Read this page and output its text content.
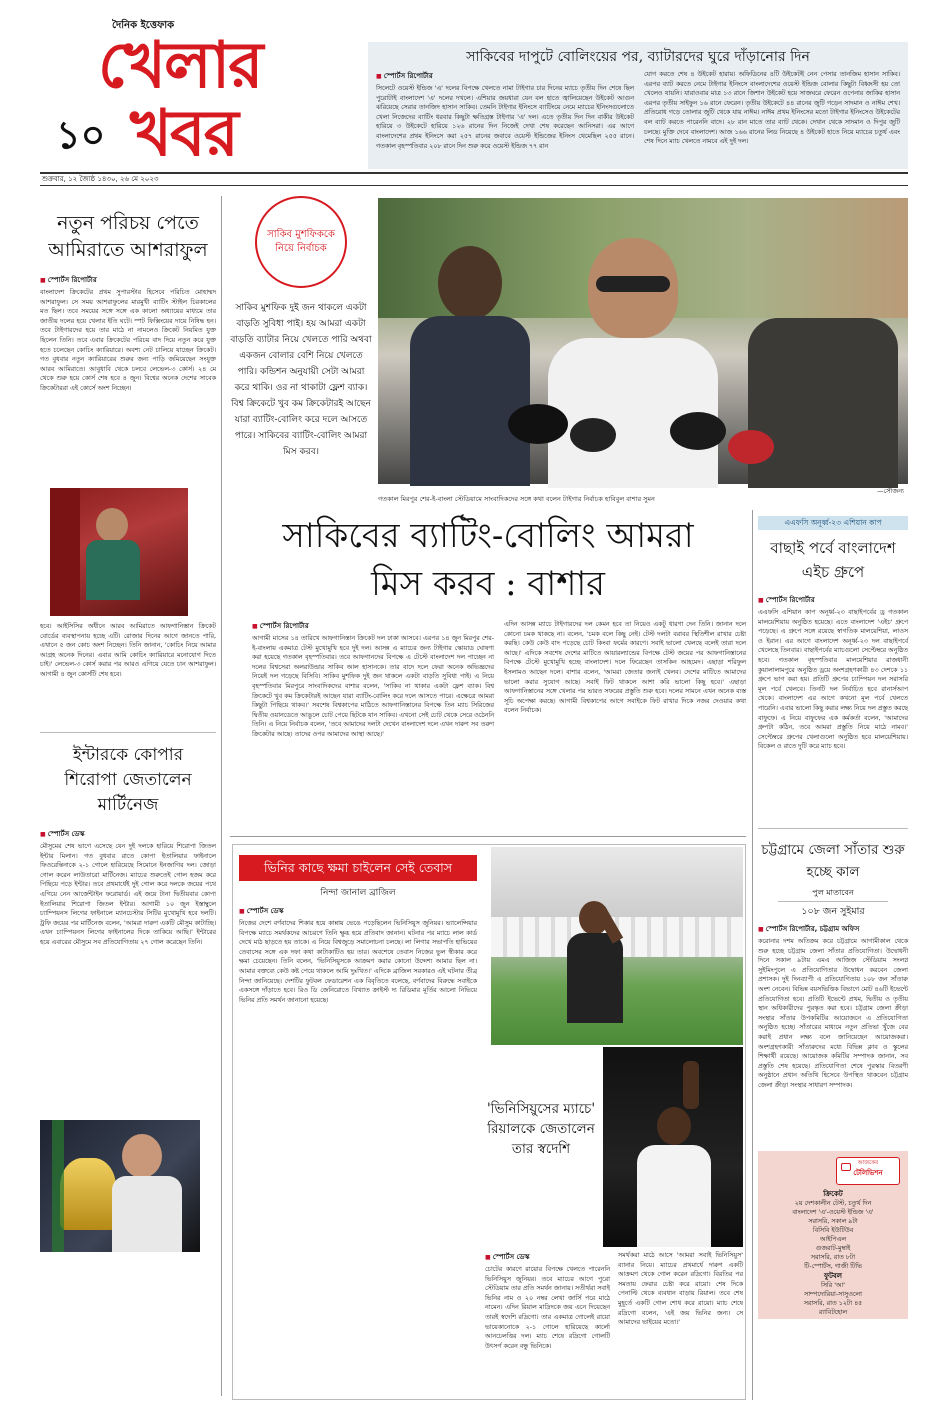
দৈনিক ইত্তেফাক
খেলার
১০ খবর
সাকিবের দাপুটে বোলিংয়ের পর, ব্যাটারদের ঘুরে দাঁড়ানোর দিন
■ স্পোর্টস রিপোর্টার
সিলেটে ওয়েস্ট ইন্ডিজ 'এ' দলের বিপক্ষে খেলতে নামা টাইগার চার দিনের ম্যাচে তৃতীয় দিন শেষে ছিল পুরোটাই বাংলাদেশ 'এ' দলের দখলে। এশিয়ার জয়ধারা যেন বল হাতে জ্বালিয়েছেন উইকেট আগুন ঝরিয়েছে সেরার তানজিদ হাসান সাকিব। তেমনি টাইগার ইনিংসে ব্যাটিংয়ে নেমে ম্যাচের ইনিংসগুলোতে খেলা নিজেদের ব্যাটিং ধরবার কিছুটা ক্ষতিগ্রস্ত টাইগার 'এ' দল। এতে তৃতীয় দিন দিন বাকীর উইকেট হারিয়ে ৩ উইকেটে হারিয়ে ১২৬ রানের দিন নিজেই দেখা শেষ করেছেন আনিসরা। এর আগে বাংলাদেশের প্রথম ইনিংসে করা ২৫৭ রানের জবাবে ওয়েস্ট ইন্ডিজের ইনিংস থেমেছিল ২৫৫ রানে। গতকাল বৃহস্পতিবার ২০৮ রানে দিন শুরু করে ওয়েস্ট ইন্ডিজ ৭৭ রান
যোগ করতে শেষ ৪ উইকেট হারায়। অফিডিনের ৪টি উইকেটই নেন পেসার তানজিম হাসান সাকিব। এরপর ব্যাট করতে নেমে টাইগার ইনিংসে বাংলাদেশের ওয়েস্ট ইন্ডিজ বোলার কিছুটা বিধ্বংসী হয় তো খেলেও যায়নি। যারাওবার মাত্র ১৩ রানে জিশান উইকেট হয়ে সাজঘরে ফেরেন ওপেনার জাকির হাসান এরপর তৃতীয় সাইফুন ১৬ রানে ফেরেন। তৃতীয় উইকেটে ৪৪ রানের জুটি গড়েন সাদমান ও নাঈম শেখ। প্রতিরোধ গড়ে তোলার জুটি থেকে যায় নাঈম। নাঈম প্রথম ইনিংসের মতো টাইগার ইনিংসেও উইকেটের বল ব্যাট করতে পারেননি বাদে। ২৮ রান মাতে তার ব্যাট থেকে। দেখান থেকে সাদমান ও দিপুর জুটি চলছে। মুক্তি দেবে বাংলাদেশ। আজ ১৬৬ রানের লিড নিয়েছে ৪ উইকেট হাতে নিয়ে ম্যাচের চতুর্থ এবং শেষ দিনে ম্যাচ খেলতে নামবে এই দুই দল।
শুক্রবার, ১২ জ্যৈষ্ঠ ১৪৩০, ২৬ মে ২০২৩
নতুন পরিচয় পেতে আমিরাতে আশরাফুল
■ স্পোর্টস রিপোর্টার
বাংলাদেশ ক্রিকেটের প্রথম সুপারস্টার হিসেবে পরিচিত মোহাম্মদ আশরাফুল। সে সময় আশরাফুলের মারমুখী ব্যাটিং স্টাইল চিরকালের মত ছিল। তবে সময়ের সঙ্গে সঙ্গে এক কালো অধ্যায়ের মাধ্যমে তার জাতীয় দলের হয়ে খেলার ইতি ঘটে। স্পট ফিক্সিংয়ের দায়ে নিষিদ্ধ হন। তবে টাইগারদের হয়ে তার মাঠে না নামলেও ক্রিকেট নিয়মিত যুক্ত ছিলেন তিনি। তবে এবার ক্রিকেটের পরিচয় বাদ দিয়ে নতুন করে যুক্ত হতে চলেছেন কোচিং ক্যারিয়ারে। অবশ্য নেট চালিয়ে যাচ্ছেন ক্রিকেট। গত বুধবার নতুন ক্যারিয়ারের শুরুর জন্য পাড়ি জমিয়েছেন সংযুক্ত আরব আমিরাতে। আবুধাবি থেকে চলবে লেভেল-৩ কোর্স। ২৪ মে থেকে শুরু হয়ে কোর্স শেষ হবে ৪ জুন। বিশ্বের অনেক দেশের সাবেক ক্রিকেটাররা এই কোর্সে অংশ নিচ্ছেন।
হবে। আইসিসির অধীনে আরব আমিরাতে আফগানিস্তান ক্রিকেট বোর্ডের ব্যবস্থাপনায় হচ্ছে এটি। রোজার দিনের আগে জানতে পারি, এখানে ৫ জন কোচ অংশ নিচ্ছেন। তিনি জানান, 'কোচিং নিয়ে আমার আগ্রহ অনেক দিনের। এবার আমি কোচিং ক্যারিয়ারে মনোযোগ দিতে চাই।' লেভেল-৩ কোর্স করার পর আরও এগিয়ে যেতে চান আশরাফুল। আগামী ৪ জুন কোর্সটি শেষ হবে।
ইন্টারকে কোপার শিরোপা জেতালেন মার্টিনেজ
■ স্পোর্টস ডেস্ক
মৌসুমের শেষ ভাগে এসেছে যেন দুই দলকে হারিয়ে শিরোপা জিতল ইন্টার মিলান। গত বুধবার রাতে কোপা ইতালিয়ার ফাইনালে ফিওরেন্তিনাকে ২-১ গোলে হারিয়েছে সিমোনে ইনজাগির দল। জোড়া গোল করেন লাউতারো মার্টিনেজ। ম্যাচের শুরুতেই গোল হজম করে পিছিয়ে পড়ে ইন্টার। তবে প্রথমার্ধেই দুই গোল করে দলকে জয়ের পথে এগিয়ে নেন আর্জেন্টাইন ফরোয়ার্ড। এই জয়ে টানা দ্বিতীয়বার কোপা ইতালিয়ার শিরোপা জিতল ইন্টার। আগামী ১০ জুন ইস্তাম্বুলে চ্যাম্পিয়নস লিগের ফাইনালে ম্যানচেস্টার সিটির মুখোমুখি হবে দলটি। ট্রফি জয়ের পর মার্টিনেজ বলেন, 'আমরা দারুণ একটি মৌসুম কাটাচ্ছি। এখন চ্যাম্পিয়নস লিগের ফাইনালের দিকে তাকিয়ে আছি।' ইন্টারের হয়ে এবারের মৌসুমে সব প্রতিযোগিতায় ২৭ গোল করেছেন তিনি।
সাকিব মুশফিককে নিয়ে নির্বাচক
সাকিব মুশফিক দুই জন থাকলে একটা বাড়তি সুবিধা পাই। হয় আমরা একটা বাড়তি ব্যাটার নিয়ে খেলতে পারি অথবা একজন বোলার বেশি নিয়ে খেলতে পারি। কন্ডিশন অনুযায়ী সেটা আমরা করে থাকি। ওর না থাকাটা ফ্লেশ ব্যাক। বিশ্ব ক্রিকেটে খুব কম ক্রিকেটারই আছেন যারা ব্যাটিং-বোলিং করে দলে আসতে পারে। সাকিবের ব্যাটিং-বোলিং আমরা মিস করব।
গতকাল মিরপুর শের-ই-বাংলা স্টেডিয়ামে সাংবাদিকদের সঙ্গে কথা বলেন টাইগার নির্বাচক হাবিবুল বাশার সুমন
—সৌজন্য
সাকিবের ব্যাটিং-বোলিং আমরা
মিস করব : বাশার
■ স্পোর্টস রিপোর্টার
আগামী মাসের ১৪ তারিখে আফগানিস্তান ক্রিকেট দল ঢাকা আসবে। এরপর ১৪ জুন মিরপুর শের-ই-বাংলায় একমাত্র টেস্ট মুখোমুখি হবে দুই দল। আসন্ন এ ম্যাচের জন্য টাইগার স্কোয়াড ঘোষণা করা হয়েছে গতকাল বৃহস্পতিবার। তবে আফগানদের বিপক্ষে এ টেস্টে বাংলাদেশ দল পাচ্ছেন না দলের বিশ্বসেরা অলরাউন্ডার সাকিব আল হাসানকে। তার বাদে দলে ফেরা অনেক অভিজ্ঞদের নিয়েই দল গড়েছে বিসিবি। সাকিব মুশফিক দুই জন থাকলে একটা বাড়তি সুবিধা পাই। এ নিয়ে বৃহস্পতিবার মিরপুরে সাংবাদিকদের বাশার বলেন, 'সাকিব না থাকার একটা ফ্লেশ ব্যাক। বিশ্ব ক্রিকেটে খুব কম ক্রিকেটারই আছেন যারা ব্যাটিং-বোলিং করে দলে আসতে পারে। এক্ষেত্রে আমরা কিছুটা পিছিয়ে থাকব।' সবশেষ বিশ্বকাপের মাঠিতে আফগানিস্তানের বিপক্ষে তিন ম্যাচ সিরিজের দ্বিতীয় ওয়ানডেতে আঙুলে চোট পেয়ে ছিটকে যান সাকিব। এখনো সেই চোট থেকে সেরে ওঠেননি তিনি। এ নিয়ে নির্বাচক বলেন, 'তবে আমাদের দলটা দেখেন বাংলাদেশ দলে এখন দারুণ সব তরুণ ক্রিকেটার আছে। তাদের ওপর আমাদের আস্থা আছে।'
এদিন আসন্ন ম্যাচে টাইগারদের দল কেমন হবে তা নিয়েও একটু ধারণা দেন তিনি। জানান দলে কোনো চমক থাকছে না। বলেন, 'চমক বলে কিছু নেই। টেস্ট দলটা বরাবর স্থিতিশীল রাখার চেষ্টা করছি। কেউ কেউ বাদ পড়েছে চোট কিংবা ফর্মের কারণে। সবাই ভালো খেলছে বলেই তারা দলে আছে।' এদিকে সবশেষ দেশের মাটিতে আয়ারল্যান্ডের বিপক্ষে টেস্ট জয়ের পর আফগানিস্তানের বিপক্ষে টেস্টে মুখোমুখি হচ্ছে বাংলাদেশ। দলে ফিরেছেন তাসকিন আহমেদ। এছাড়া শরিফুল ইসলামও আছেন দলে। বাশার বলেন, 'আমরা জেতার জন্যই খেলব। দেশের মাটিতে আমাদের ভালো করার সুযোগ আছে। সবাই ফিট থাকলে আশা করি ভালো কিছু হবে।' এছাড়া আফগানিস্তানের সঙ্গে খেলার পর ভারত সফরের প্রস্তুতি শুরু হবে। দলের সামনে এখন অনেক ব্যস্ত সূচি অপেক্ষা করছে। আগামী বিশ্বকাপের আগে সবাইকে ফিট রাখার দিকে নজর দেওয়ার কথা বলেন নির্বাচক।
ভিনির কাছে ক্ষমা চাইলেন সেই তেবাস
নিন্দা জানাল ব্রাজিল
■ স্পোর্টস ডেস্ক
নিজের দেশে বর্ণবাদের শিকার হয়ে কান্নায় ভেঙে পড়েছিলেন ভিনিসিয়ুস জুনিয়র। ভ্যালেন্সিয়ার বিপক্ষে ম্যাচে সমর্থকদের আচরণে তিনি ক্ষুব্ধ হয়ে প্রতিবাদ জানান। ঘটনার পর ম্যাচে লাল কার্ড দেখে মাঠ ছাড়তে হয় তাকে। এ নিয়ে বিশ্বজুড়ে সমালোচনা চলছে। লা লিগার সভাপতি হাভিয়ের তেবাসের সঙ্গে এক দফা কথা কাটাকাটিও হয় তার। অবশেষে তেবাস নিজের ভুল স্বীকার করে ক্ষমা চেয়েছেন। তিনি বলেন, 'ভিনিসিয়ুসকে আক্রমণ করার কোনো উদ্দেশ্য আমার ছিল না। আমার বক্তব্যে কেউ কষ্ট পেয়ে থাকলে আমি দুঃখিত।' এদিকে ব্রাজিল সরকারও এই ঘটনার তীব্র নিন্দা জানিয়েছে। দেশটির ফুটবল ফেডারেশন এক বিবৃতিতে বলেছে, বর্ণবাদের বিরুদ্ধে সবাইকে একসঙ্গে দাঁড়াতে হবে। রিও ডি জেনিরোতে বিখ্যাত ক্রাইস্ট দ্য রিডিমার মূর্তির আলো নিভিয়ে ভিনির প্রতি সমর্থন জানানো হয়েছে।
'ভিনিসিয়ুসের ম্যাচে' রিয়ালকে জেতালেন তার স্বদেশি
■ স্পোর্টস ডেস্ক
চোটের কারণে রায়োর বিপক্ষে খেলতে পারেননি ভিনিসিয়ুস জুনিয়র। তবে ম্যাচের আগে পুরো স্টেডিয়াম তার প্রতি সমর্থন জানায়। সতীর্থরা সবাই ভিনির নাম ও ২০ নম্বর লেখা জার্সি পরে মাঠে নামেন। এদিন রিয়াল মাদ্রিদকে জয় এনে দিয়েছেন তারই স্বদেশি রদ্রিগো। তার একমাত্র গোলেই রায়ো ভায়েকানোকে ২-১ গোলে হারিয়েছে কার্লো আনচেলত্তির দল। ম্যাচ শেষে রদ্রিগো গোলটি উৎসর্গ করেন বন্ধু ভিনিকে।
সমর্থকরা মাঠে আসে 'আমরা সবাই ভিনিসিয়ুস' ব্যানার নিয়ে। ম্যাচের প্রথমার্ধে দারুণ একটি আক্রমণ থেকে গোল করেন রদ্রিগো। বিরতির পর সমতায় ফেরার চেষ্টা করে রায়ো। শেষ দিকে পেনাল্টি থেকে ব্যবধান বাড়ায় রিয়াল। তবে শেষ মুহূর্তে একটি গোল শোধ করে রায়ো। ম্যাচ শেষে রদ্রিগো বলেন, 'এই জয় ভিনির জন্য। সে আমাদের ভাইয়ের মতো।'
এএফসি অনূর্ধ্ব-২৩ এশিয়ান কাপ
বাছাই পর্বে বাংলাদেশ এইচ গ্রুপে
■ স্পোর্টস রিপোর্টার
এএফসি এশিয়ান কাপ অনূর্ধ্ব-২৩ বাছাইপর্বের ড্র গতকাল মালয়েশিয়ায় অনুষ্ঠিত হয়েছে। এতে বাংলাদেশ 'এইচ' গ্রুপে পড়েছে। এ গ্রুপে সঙ্গে রয়েছে স্বাগতিক মালয়েশিয়া, লাওস ও ইরান। এর আগে বাংলাদেশ অনূর্ধ্ব-২৩ দল বাছাইপর্বে খেলেছে তিনবার। বাছাইপর্বের ম্যাচগুলো সেপ্টেম্বরে অনুষ্ঠিত হবে। গতকাল বৃহস্পতিবার মালয়েশিয়ার রাজধানী কুয়ালালামপুরে অনুষ্ঠিত ড্রয়ে অংশগ্রহণকারী ৪৩ দেশকে ১১ গ্রুপে ভাগ করা হয়। প্রতিটি গ্রুপের চ্যাম্পিয়ন দল সরাসরি মূল পর্বে খেলবে। তিনটি দল নির্বাচিত হবে রানার্সআপ থেকে। বাংলাদেশ এর আগে কখনো মূল পর্বে খেলতে পারেনি। এবার ভালো কিছু করার লক্ষ্য নিয়ে দল প্রস্তুত করছে বাফুফে। এ নিয়ে বাফুফের এক কর্মকর্তা বলেন, 'আমাদের গ্রুপটা কঠিন, তবে আমরা প্রস্তুতি নিয়ে মাঠে নামব।' সেপ্টেম্বরে গ্রুপের খেলাগুলো অনুষ্ঠিত হবে মালয়েশিয়ায়। বিকেল ও রাতে দুটি করে ম্যাচ হবে।
চট্টগ্রামে জেলা সাঁতার শুরু হচ্ছে কাল
পুল মাতাবেন
১০৮ জন সুইমার
■ স্পোর্টস রিপোর্টার, চট্টগ্রাম অফিস
করোনার দশম অতিক্রম করে চট্টগ্রামে আগামীকাল থেকে শুরু হচ্ছে চট্টগ্রাম জেলা সাঁতার প্রতিযোগিতা। উদ্বোধনী দিনে সকাল ৯টায় এমএ আজিজ স্টেডিয়াম সংলগ্ন সুইমিংপুলে এ প্রতিযোগিতার উদ্বোধন করবেন জেলা প্রশাসক। দুই দিনব্যাপী এ প্রতিযোগিতায় ১০৮ জন সাঁতারু অংশ নেবেন। বিভিন্ন বয়সভিত্তিক বিভাগে মোট ৪৬টি ইভেন্টে প্রতিযোগিতা হবে। প্রতিটি ইভেন্টে প্রথম, দ্বিতীয় ও তৃতীয় স্থান অধিকারীদের পুরস্কৃত করা হবে। চট্টগ্রাম জেলা ক্রীড়া সংস্থার সাঁতার উপকমিটির আয়োজনে এ প্রতিযোগিতা অনুষ্ঠিত হচ্ছে। সাঁতারের মাধ্যমে নতুন প্রতিভা খুঁজে বের করাই প্রধান লক্ষ্য বলে জানিয়েছেন আয়োজকরা। অংশগ্রহণকারী সাঁতারুদের মধ্যে বিভিন্ন ক্লাব ও স্কুলের শিক্ষার্থী রয়েছে। আয়োজক কমিটির সম্পাদক জানান, সব প্রস্তুতি শেষ হয়েছে। প্রতিযোগিতা শেষে পুরস্কার বিতরণী অনুষ্ঠানে প্রধান অতিথি হিসেবে উপস্থিত থাকবেন চট্টগ্রাম জেলা ক্রীড়া সংস্থার সাধারণ সম্পাদক।
আজকের
টেলিভিশন
ক্রিকেট
২য় দেশকালীন টেস্ট, চতুর্থ দিন
বাংলাদেশ 'এ'-ওয়েস্ট ইন্ডিজ 'এ'
সরাসরি, সকাল ৯টা
বিসিবি ইউটিউব
আইপিএল
গুজরাট-মুম্বাই
সরাসরি, রাত ৮টা
টি-স্পোর্টস, গাজী টিভি
ফুটবল
সিরি 'আ'
সাম্পদোরিয়া-সাসুওলো
সরাসরি, রাত ১২টা ৪৫
র‍্যাবিটহোল
